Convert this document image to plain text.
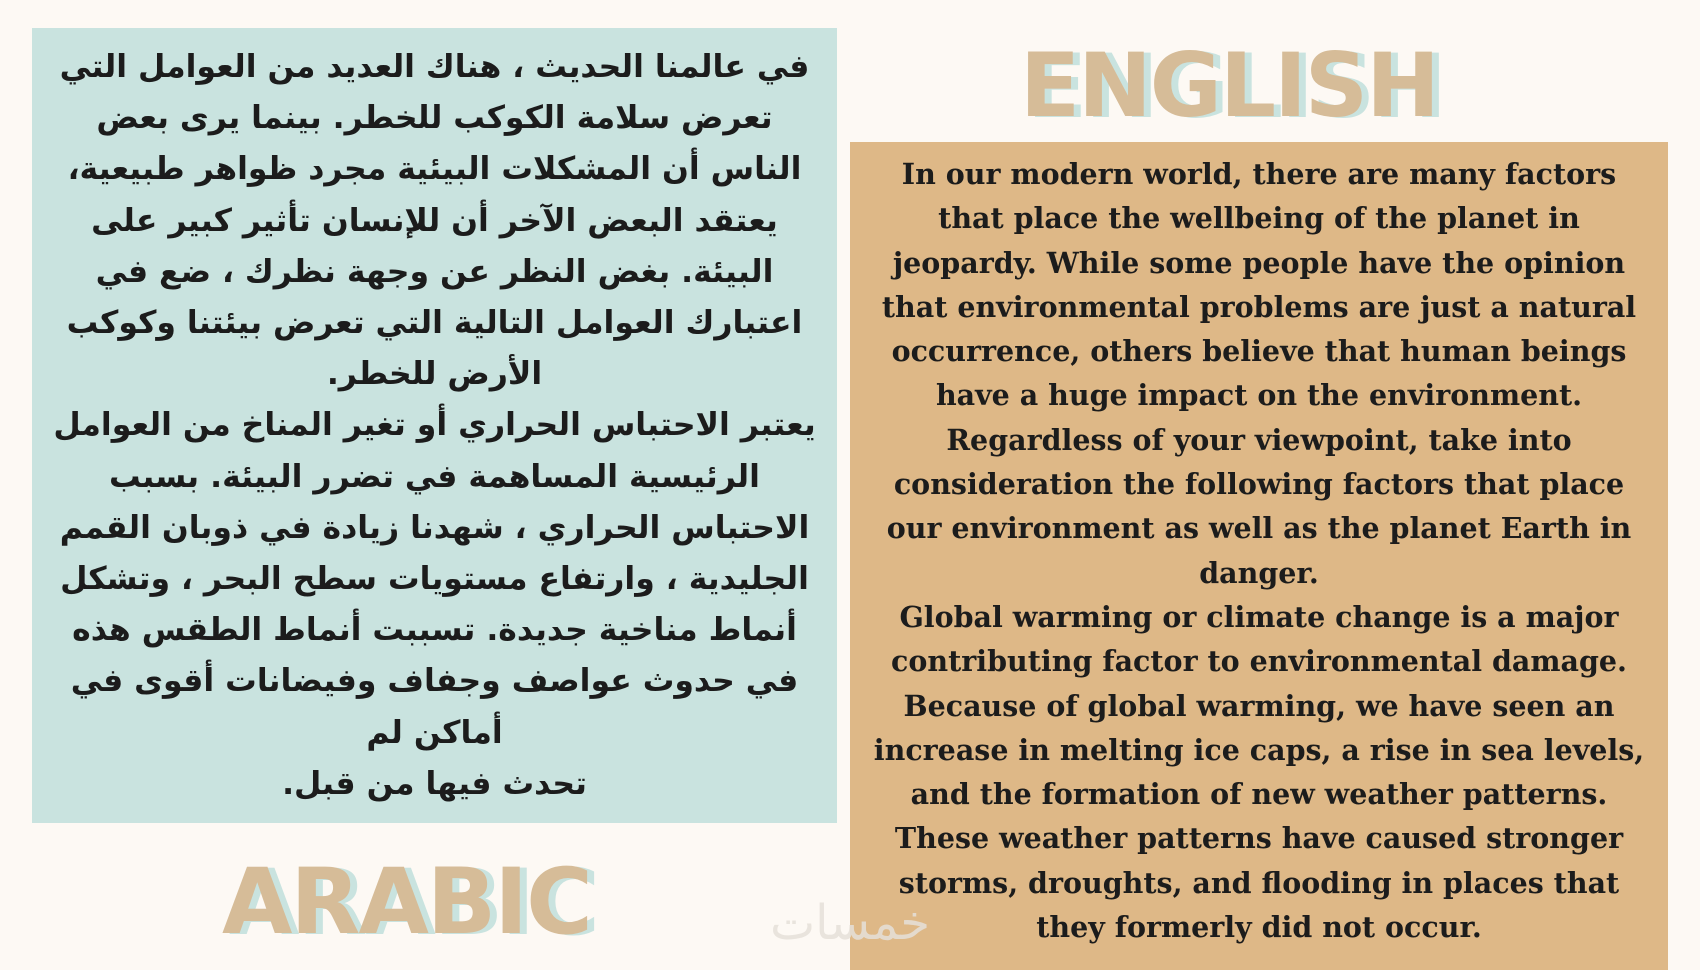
ENGLISH

في عالمنا الحديث ، هناك العديد من العوامل التي تعرض سلامة الكوكب للخطر. بينما يرى بعض الناس أن المشكلات البيئية مجرد ظواهر طبيعية، يعتقد البعض الآخر أن للإنسان تأثير كبير على البيئة. بغض النظر عن وجهة نظرك ، ضع في اعتبارك العوامل التالية التي تعرض بيئتنا وكوكب الأرض للخطر.

يعتبر الاحتباس الحراري أو تغير المناخ من العوامل الرئيسية المساهمة في تضرر البيئة. بسبب الاحتباس الحراري ، شهدنا زيادة في ذوبان القمم الجليدية ، وارتفاع مستويات سطح البحر ، وتشكل أنماط مناخية جديدة. تسببت أنماط الطقس هذه في حدوث عواصف وجفاف وفيضانات أقوى في أماكن لم

تحدث فيها من قبل.

In our modern world, there are many factors that place the wellbeing of the planet in jeopardy. While some people have the opinion that environmental problems are just a natural occurrence, others believe that human beings have a huge impact on the environment. Regardless of your viewpoint, take into consideration the following factors that place our environment as well as the planet Earth in danger.

Global warming or climate change is a major contributing factor to environmental damage. Because of global warming, we have seen an increase in melting ice caps, a rise in sea levels, and the formation of new weather patterns. These weather patterns have caused stronger storms, droughts, and flooding in places that they formerly did not occur.

ARABIC	خمسات
